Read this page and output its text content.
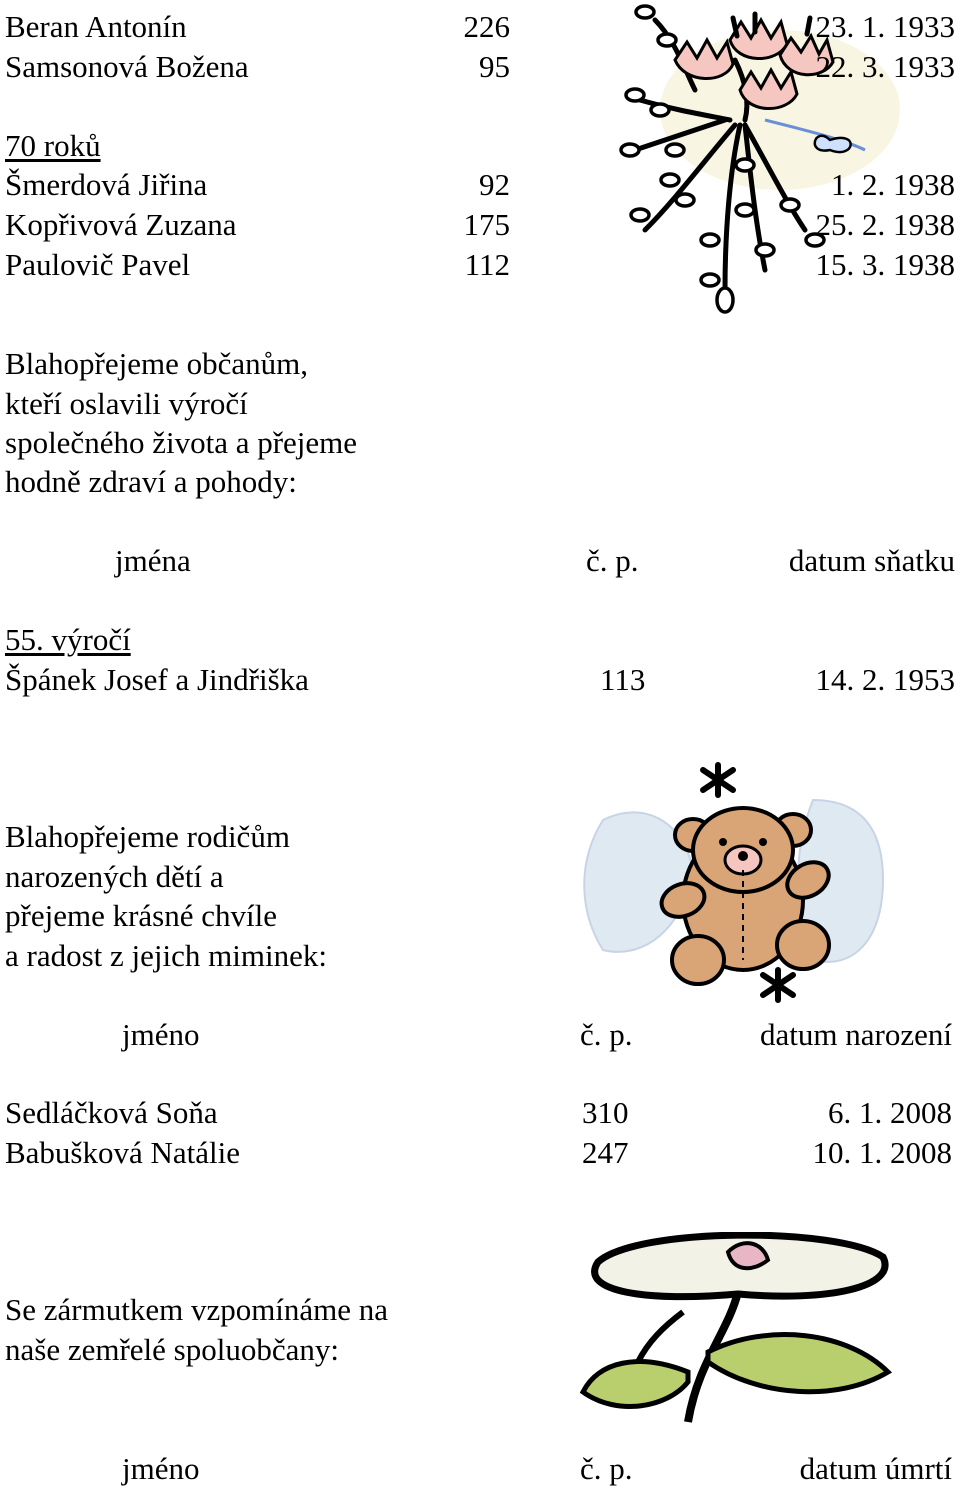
Beran Antonín	226	23. 1. 1933
Samsonová Božena	95	22. 3. 1933
70 roků
Šmerdová Jiřina	92	1. 2. 1938
Kopřivová Zuzana	175	25. 2. 1938
Paulovič Pavel	112	15. 3. 1938
Blahopřejeme občanům,
kteří oslavili výročí
společného života a přejeme
hodně zdraví a pohody:
jména	č. p.	datum sňatku
55. výročí
Špánek Josef a Jindřiška	113	14. 2. 1953
Blahopřejeme rodičům
narozených dětí a
přejeme krásné chvíle
a radost z jejich miminek:
jméno	č. p.	datum narození
Sedláčková Soňa	310	6. 1. 2008
Babušková Natálie	247	10. 1. 2008
Se zármutkem vzpomínáme na
naše zemřelé spoluobčany:
jméno	č. p.	datum úmrtí
